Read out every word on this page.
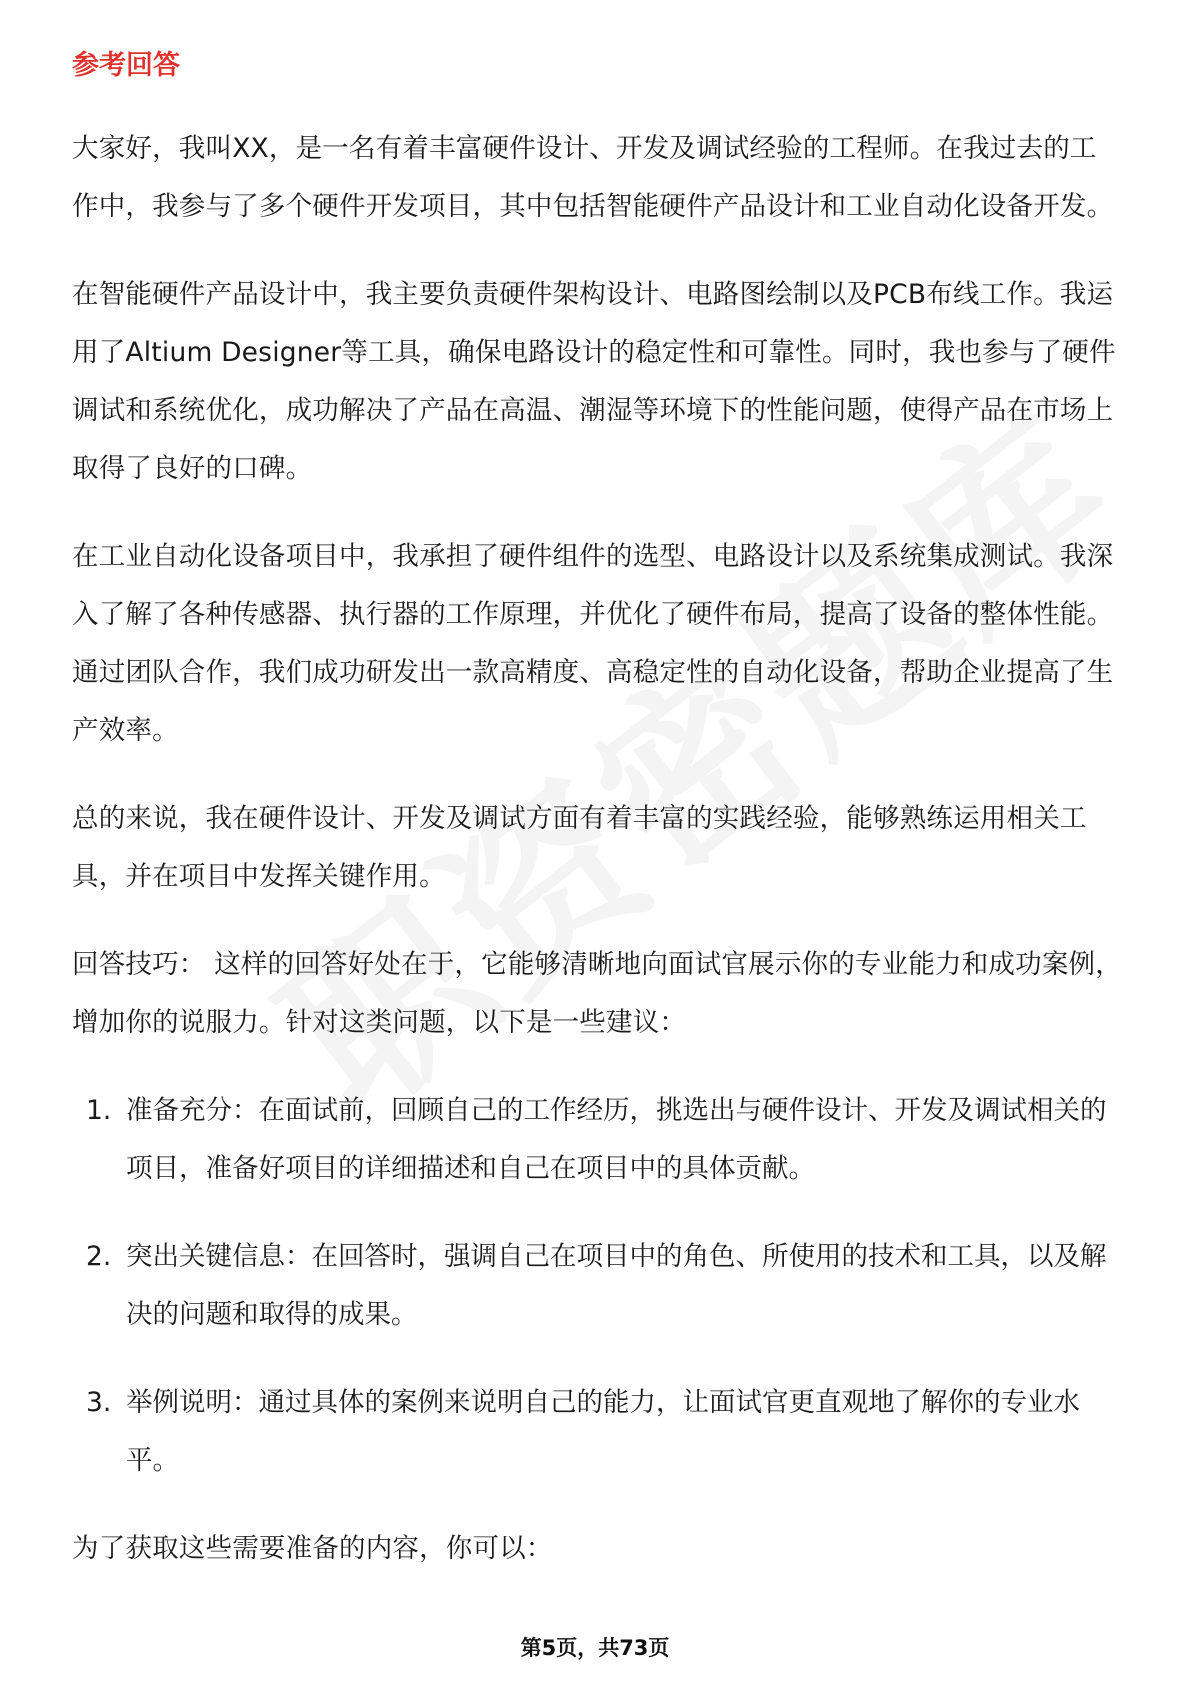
参考回答

大家好，我叫XX，是一名有着丰富硬件设计、开发及调试经验的工程师。在我过去的工作中，我参与了多个硬件开发项目，其中包括智能硬件产品设计和工业自动化设备开发。

在智能硬件产品设计中，我主要负责硬件架构设计、电路图绘制以及PCB布线工作。我运用了Altium Designer等工具，确保电路设计的稳定性和可靠性。同时，我也参与了硬件调试和系统优化，成功解决了产品在高温、潮湿等环境下的性能问题，使得产品在市场上取得了良好的口碑。

在工业自动化设备项目中，我承担了硬件组件的选型、电路设计以及系统集成测试。我深入了解了各种传感器、执行器的工作原理，并优化了硬件布局，提高了设备的整体性能。通过团队合作，我们成功研发出一款高精度、高稳定性的自动化设备，帮助企业提高了生产效率。

总的来说，我在硬件设计、开发及调试方面有着丰富的实践经验，能够熟练运用相关工具，并在项目中发挥关键作用。

回答技巧： 这样的回答好处在于，它能够清晰地向面试官展示你的专业能力和成功案例，增加你的说服力。针对这类问题，以下是一些建议：

1. 准备充分：在面试前，回顾自己的工作经历，挑选出与硬件设计、开发及调试相关的项目，准备好项目的详细描述和自己在项目中的具体贡献。
2. 突出关键信息：在回答时，强调自己在项目中的角色、所使用的技术和工具，以及解决的问题和取得的成果。
3. 举例说明：通过具体的案例来说明自己的能力，让面试官更直观地了解你的专业水平。

为了获取这些需要准备的内容，你可以：

第5页，共73页
